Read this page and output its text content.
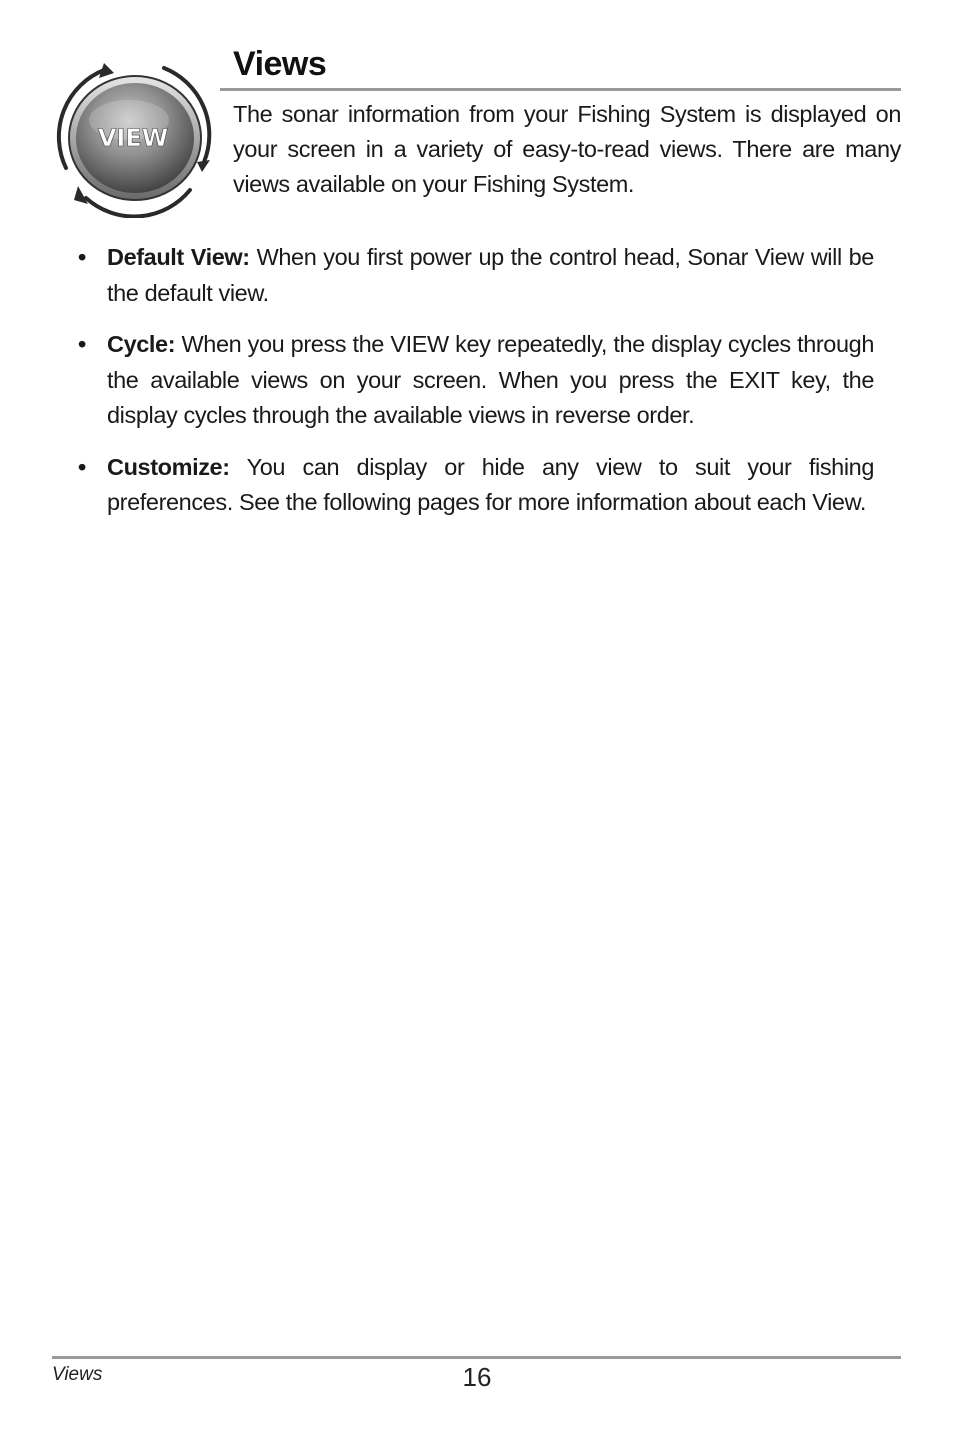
VIEW
Views

The sonar information from your Fishing System is displayed on your screen in a variety of easy-to-read views. There are many views available on your Fishing System.

• Default View: When you first power up the control head, Sonar View will be the default view.
• Cycle: When you press the VIEW key repeatedly, the display cycles through the available views on your screen. When you press the EXIT key, the display cycles through the available views in reverse order.
• Customize: You can display or hide any view to suit your fishing preferences. See the following pages for more information about each View.
Views	16
